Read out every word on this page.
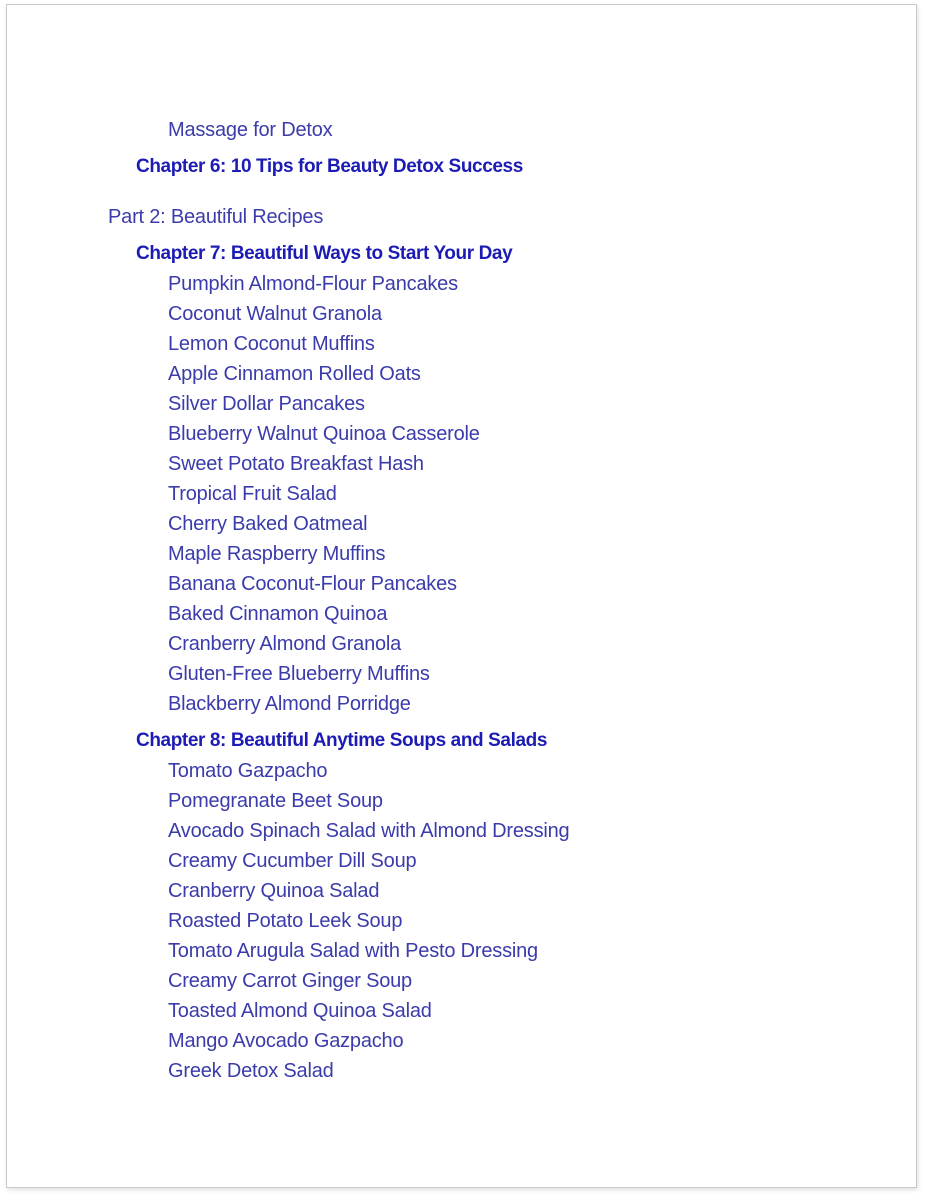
Massage for Detox
Chapter 6: 10 Tips for Beauty Detox Success
Part 2: Beautiful Recipes
Chapter 7: Beautiful Ways to Start Your Day
Pumpkin Almond-Flour Pancakes
Coconut Walnut Granola
Lemon Coconut Muffins
Apple Cinnamon Rolled Oats
Silver Dollar Pancakes
Blueberry Walnut Quinoa Casserole
Sweet Potato Breakfast Hash
Tropical Fruit Salad
Cherry Baked Oatmeal
Maple Raspberry Muffins
Banana Coconut-Flour Pancakes
Baked Cinnamon Quinoa
Cranberry Almond Granola
Gluten-Free Blueberry Muffins
Blackberry Almond Porridge
Chapter 8: Beautiful Anytime Soups and Salads
Tomato Gazpacho
Pomegranate Beet Soup
Avocado Spinach Salad with Almond Dressing
Creamy Cucumber Dill Soup
Cranberry Quinoa Salad
Roasted Potato Leek Soup
Tomato Arugula Salad with Pesto Dressing
Creamy Carrot Ginger Soup
Toasted Almond Quinoa Salad
Mango Avocado Gazpacho
Greek Detox Salad
